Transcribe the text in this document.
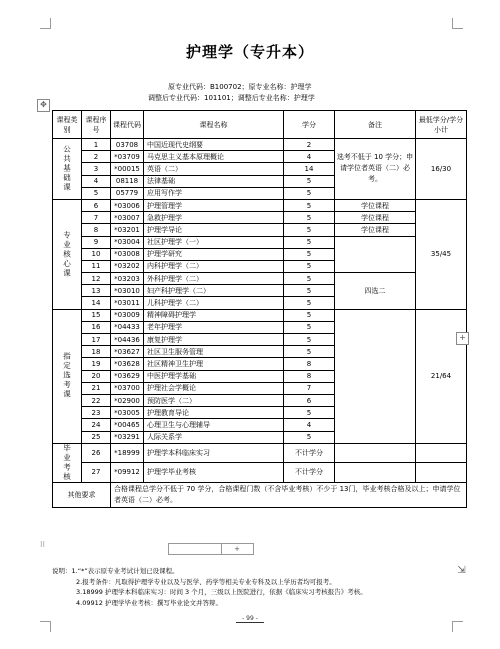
护理学（专升本）
原专业代码：B100702；原专业名称：护理学
调整后专业代码：101101；调整后专业名称：护理学
✥
课程类别	课程序号	课程代码	课程名称	学分	备注	最低学分/学分小计

公共基础课	1	03708	中国近现代史纲要	2	选考不低于 10 学分；申请学位者英语（二）必考。	16/30
	2	*03709	马克思主义基本原理概论	4		
	3	*00015	英语（二）	14		
	4	08118	法律基础	5		
	5	05779	应用写作学	5		

专业核心课	6	*03006	护理管理学	5	学位课程	35/45
	7	*03007	急救护理学	5	学位课程	
	8	*03201	护理学导论	5	学位课程	
	9	*03004	社区护理学（一）	5		
	10	*03008	护理学研究	5		
	11	*03202	内科护理学（二）	5		
	12	*03203	外科护理学（二）	5	四选二	
	13	*03010	妇产科护理学（二）	5		
	14	*03011	儿科护理学（二）	5		

指定选考课	15	*03009	精神障碍护理学	5		21/64
	16	*04433	老年护理学	5		
	17	*04436	康复护理学	5		
	18	*03627	社区卫生服务管理	5		
	19	*03628	社区精神卫生护理	8		
	20	*03629	中医护理学基础	8		
	21	*03700	护理社会学概论	7		
	22	*02900	预防医学（二）	6		
	23	*03005	护理教育导论	5		
	24	*00465	心理卫生与心理辅导	4		
	25	*03291	人际关系学	5		

毕业考核	26	*18999	护理学本科临床实习	不计学分		
	27	*09912	护理学毕业考核	不计学分		
其他要求		合格课程总学分不低于 70 学分，合格课程门数（不含毕业考核）不少于 13门，毕业考核合格及以上；申请学位者英语（二）必考。				
+
⁝⁝	+
⇲
说明：1.“*”表示原专业考试计划已设课程。
2.报考条件：凡取得护理学专业以及与医学、药学等相关专业专科及以上学历者均可报考。
3.18999 护理学本科临床实习：时间 3 个月，三级以上医院进行，依据《临床实习考核报告》考核。
4.09912 护理学毕业考核：撰写毕业论文并答辩。
- 99 -
